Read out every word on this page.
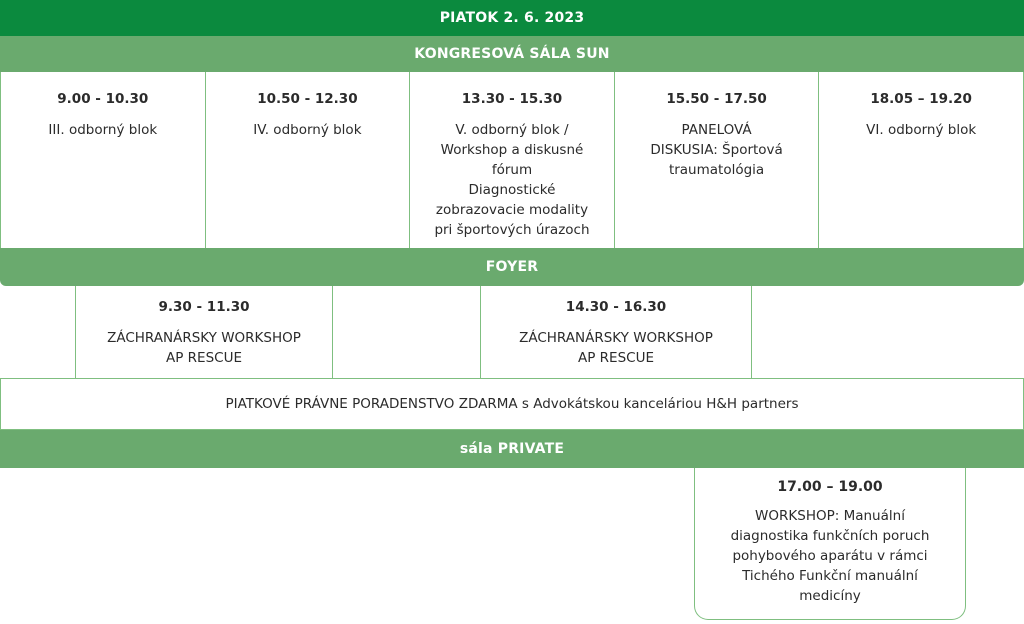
PIATOK 2. 6. 2023
KONGRESOVÁ SÁLA SUN
9.00 - 10.30
III. odborný blok
10.50 - 12.30
IV. odborný blok
13.30 - 15.30
V. odborný blok /
Workshop a diskusné
fórum
Diagnostické
zobrazovacie modality
pri športových úrazoch
15.50 - 17.50
PANELOVÁ
DISKUSIA: Športová
traumatológia
18.05 – 19.20
VI. odborný blok
FOYER
9.30 - 11.30
ZÁCHRANÁRSKY WORKSHOP
AP RESCUE
14.30 - 16.30
ZÁCHRANÁRSKY WORKSHOP
AP RESCUE
PIATKOVÉ PRÁVNE PORADENSTVO ZDARMA s Advokátskou kanceláriou H&H partners
sála PRIVATE
17.00 – 19.00
WORKSHOP: Manuální
diagnostika funkčních poruch
pohybového aparátu v rámci
Tichého Funkční manuální
medicíny
